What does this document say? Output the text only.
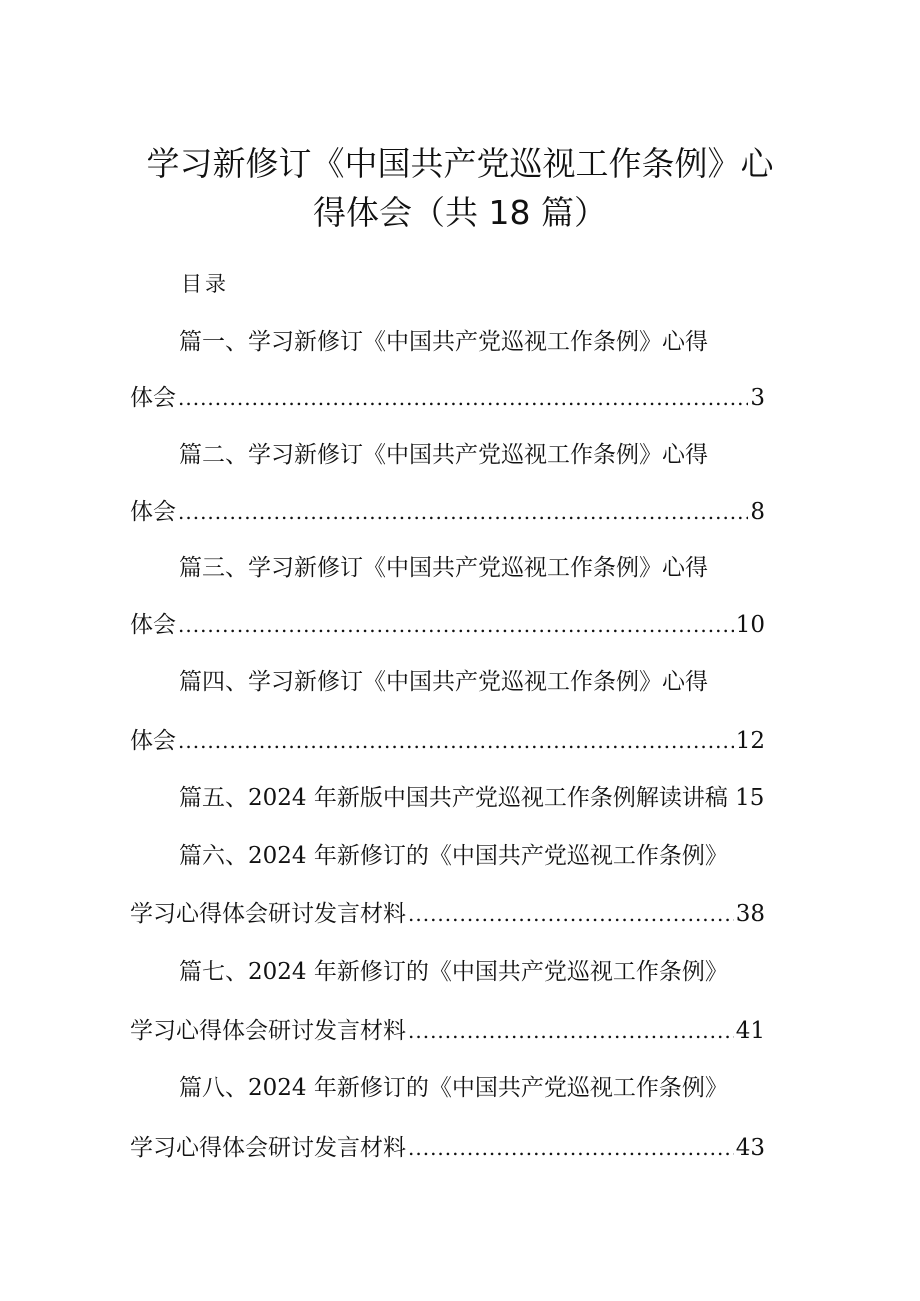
学习新修订《中国共产党巡视工作条例》心
得体会（共 18 篇）
目录
篇一、学习新修订《中国共产党巡视工作条例》心得
体会 .....	3
篇二、学习新修订《中国共产党巡视工作条例》心得
体会 .....	8
篇三、学习新修订《中国共产党巡视工作条例》心得
体会 .....	10
篇四、学习新修订《中国共产党巡视工作条例》心得
体会 .....	12
篇五、2024 年新版中国共产党巡视工作条例解读讲稿 15
篇六、2024 年新修订的《中国共产党巡视工作条例》
学习心得体会研讨发言材料 .....	38
篇七、2024 年新修订的《中国共产党巡视工作条例》
学习心得体会研讨发言材料 .....	41
篇八、2024 年新修订的《中国共产党巡视工作条例》
学习心得体会研讨发言材料 .....	43
